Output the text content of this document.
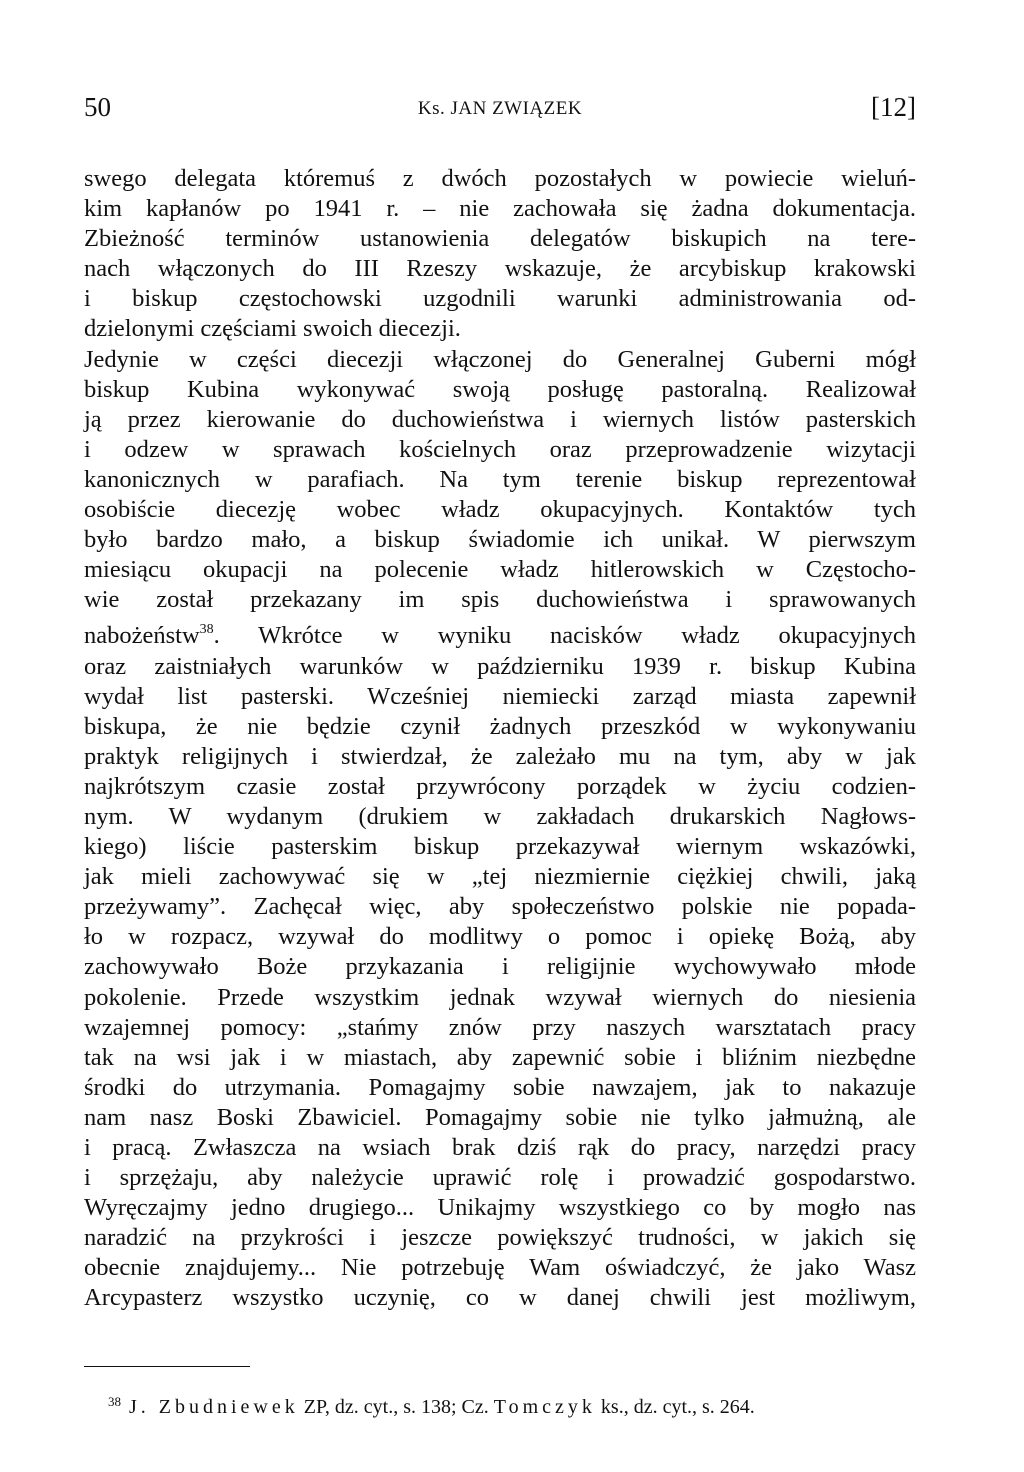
50	Ks. JAN ZWIĄZEK	[12]
swego delegata któremuś z dwóch pozostałych w powiecie wieluń-
kim kapłanów po 1941 r. – nie zachowała się żadna dokumentacja.
Zbieżność terminów ustanowienia delegatów biskupich na tere-
nach włączonych do III Rzeszy wskazuje, że arcybiskup krakowski
i biskup częstochowski uzgodnili warunki administrowania od-
dzielonymi częściami swoich diecezji.
Jedynie w części diecezji włączonej do Generalnej Guberni mógł
biskup Kubina wykonywać swoją posługę pastoralną. Realizował
ją przez kierowanie do duchowieństwa i wiernych listów pasterskich
i odzew w sprawach kościelnych oraz przeprowadzenie wizytacji
kanonicznych w parafiach. Na tym terenie biskup reprezentował
osobiście diecezję wobec władz okupacyjnych. Kontaktów tych
było bardzo mało, a biskup świadomie ich unikał. W pierwszym
miesiącu okupacji na polecenie władz hitlerowskich w Częstocho-
wie został przekazany im spis duchowieństwa i sprawowanych
nabożeństw$^{38}$. Wkrótce w wyniku nacisków władz okupacyjnych
oraz zaistniałych warunków w październiku 1939 r. biskup Kubina
wydał list pasterski. Wcześniej niemiecki zarząd miasta zapewnił
biskupa, że nie będzie czynił żadnych przeszkód w wykonywaniu
praktyk religijnych i stwierdzał, że zależało mu na tym, aby w jak
najkrótszym czasie został przywrócony porządek w życiu codzien-
nym. W wydanym (drukiem w zakładach drukarskich Nagłows-
kiego) liście pasterskim biskup przekazywał wiernym wskazówki,
jak mieli zachowywać się w „tej niezmiernie ciężkiej chwili, jaką
przeżywamy”. Zachęcał więc, aby społeczeństwo polskie nie popada-
ło w rozpacz, wzywał do modlitwy o pomoc i opiekę Bożą, aby
zachowywało Boże przykazania i religijnie wychowywało młode
pokolenie. Przede wszystkim jednak wzywał wiernych do niesienia
wzajemnej pomocy: „stańmy znów przy naszych warsztatach pracy
tak na wsi jak i w miastach, aby zapewnić sobie i bliźnim niezbędne
środki do utrzymania. Pomagajmy sobie nawzajem, jak to nakazuje
nam nasz Boski Zbawiciel. Pomagajmy sobie nie tylko jałmużną, ale
i pracą. Zwłaszcza na wsiach brak dziś rąk do pracy, narzędzi pracy
i sprzężaju, aby należycie uprawić rolę i prowadzić gospodarstwo.
Wyręczajmy jedno drugiego... Unikajmy wszystkiego co by mogło nas
naradzić na przykrości i jeszcze powiększyć trudności, w jakich się
obecnie znajdujemy... Nie potrzebuję Wam oświadczyć, że jako Wasz
Arcypasterz wszystko uczynię, co w danej chwili jest możliwym,
$^{38}$ J. Zbudniewek ZP, dz. cyt., s. 138; Cz. Tomczyk ks., dz. cyt., s. 264.
